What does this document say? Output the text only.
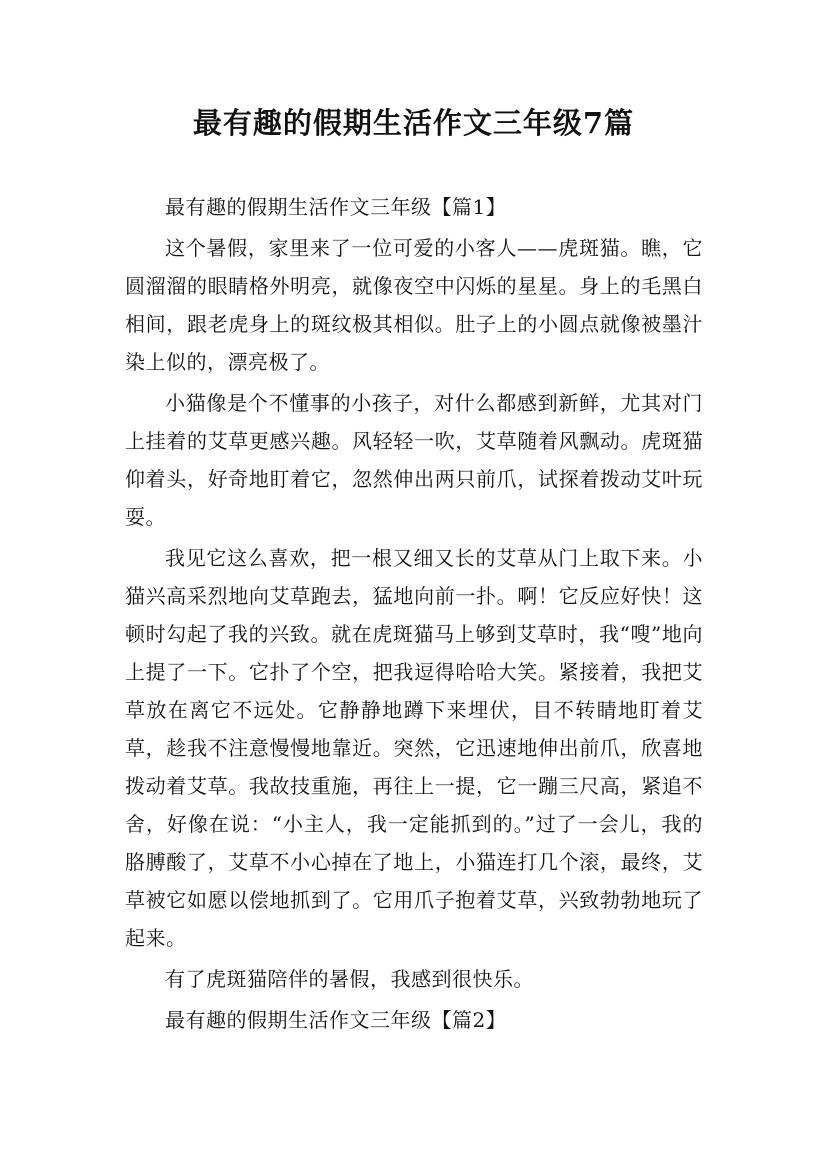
最有趣的假期生活作文三年级7篇

最有趣的假期生活作文三年级【篇1】

这个暑假，家里来了一位可爱的小客人——虎斑猫。瞧，它圆溜溜的眼睛格外明亮，就像夜空中闪烁的星星。身上的毛黑白相间，跟老虎身上的斑纹极其相似。肚子上的小圆点就像被墨汁染上似的，漂亮极了。

小猫像是个不懂事的小孩子，对什么都感到新鲜，尤其对门上挂着的艾草更感兴趣。风轻轻一吹，艾草随着风飘动。虎斑猫仰着头，好奇地盯着它，忽然伸出两只前爪，试探着拨动艾叶玩耍。

我见它这么喜欢，把一根又细又长的艾草从门上取下来。小猫兴高采烈地向艾草跑去，猛地向前一扑。啊！它反应好快！这顿时勾起了我的兴致。就在虎斑猫马上够到艾草时，我“嗖”地向上提了一下。它扑了个空，把我逗得哈哈大笑。紧接着，我把艾草放在离它不远处。它静静地蹲下来埋伏，目不转睛地盯着艾草，趁我不注意慢慢地靠近。突然，它迅速地伸出前爪，欣喜地拨动着艾草。我故技重施，再往上一提，它一蹦三尺高，紧追不舍，好像在说：“小主人，我一定能抓到的。”过了一会儿，我的胳膊酸了，艾草不小心掉在了地上，小猫连打几个滚，最终，艾草被它如愿以偿地抓到了。它用爪子抱着艾草，兴致勃勃地玩了起来。

有了虎斑猫陪伴的暑假，我感到很快乐。

最有趣的假期生活作文三年级【篇2】
